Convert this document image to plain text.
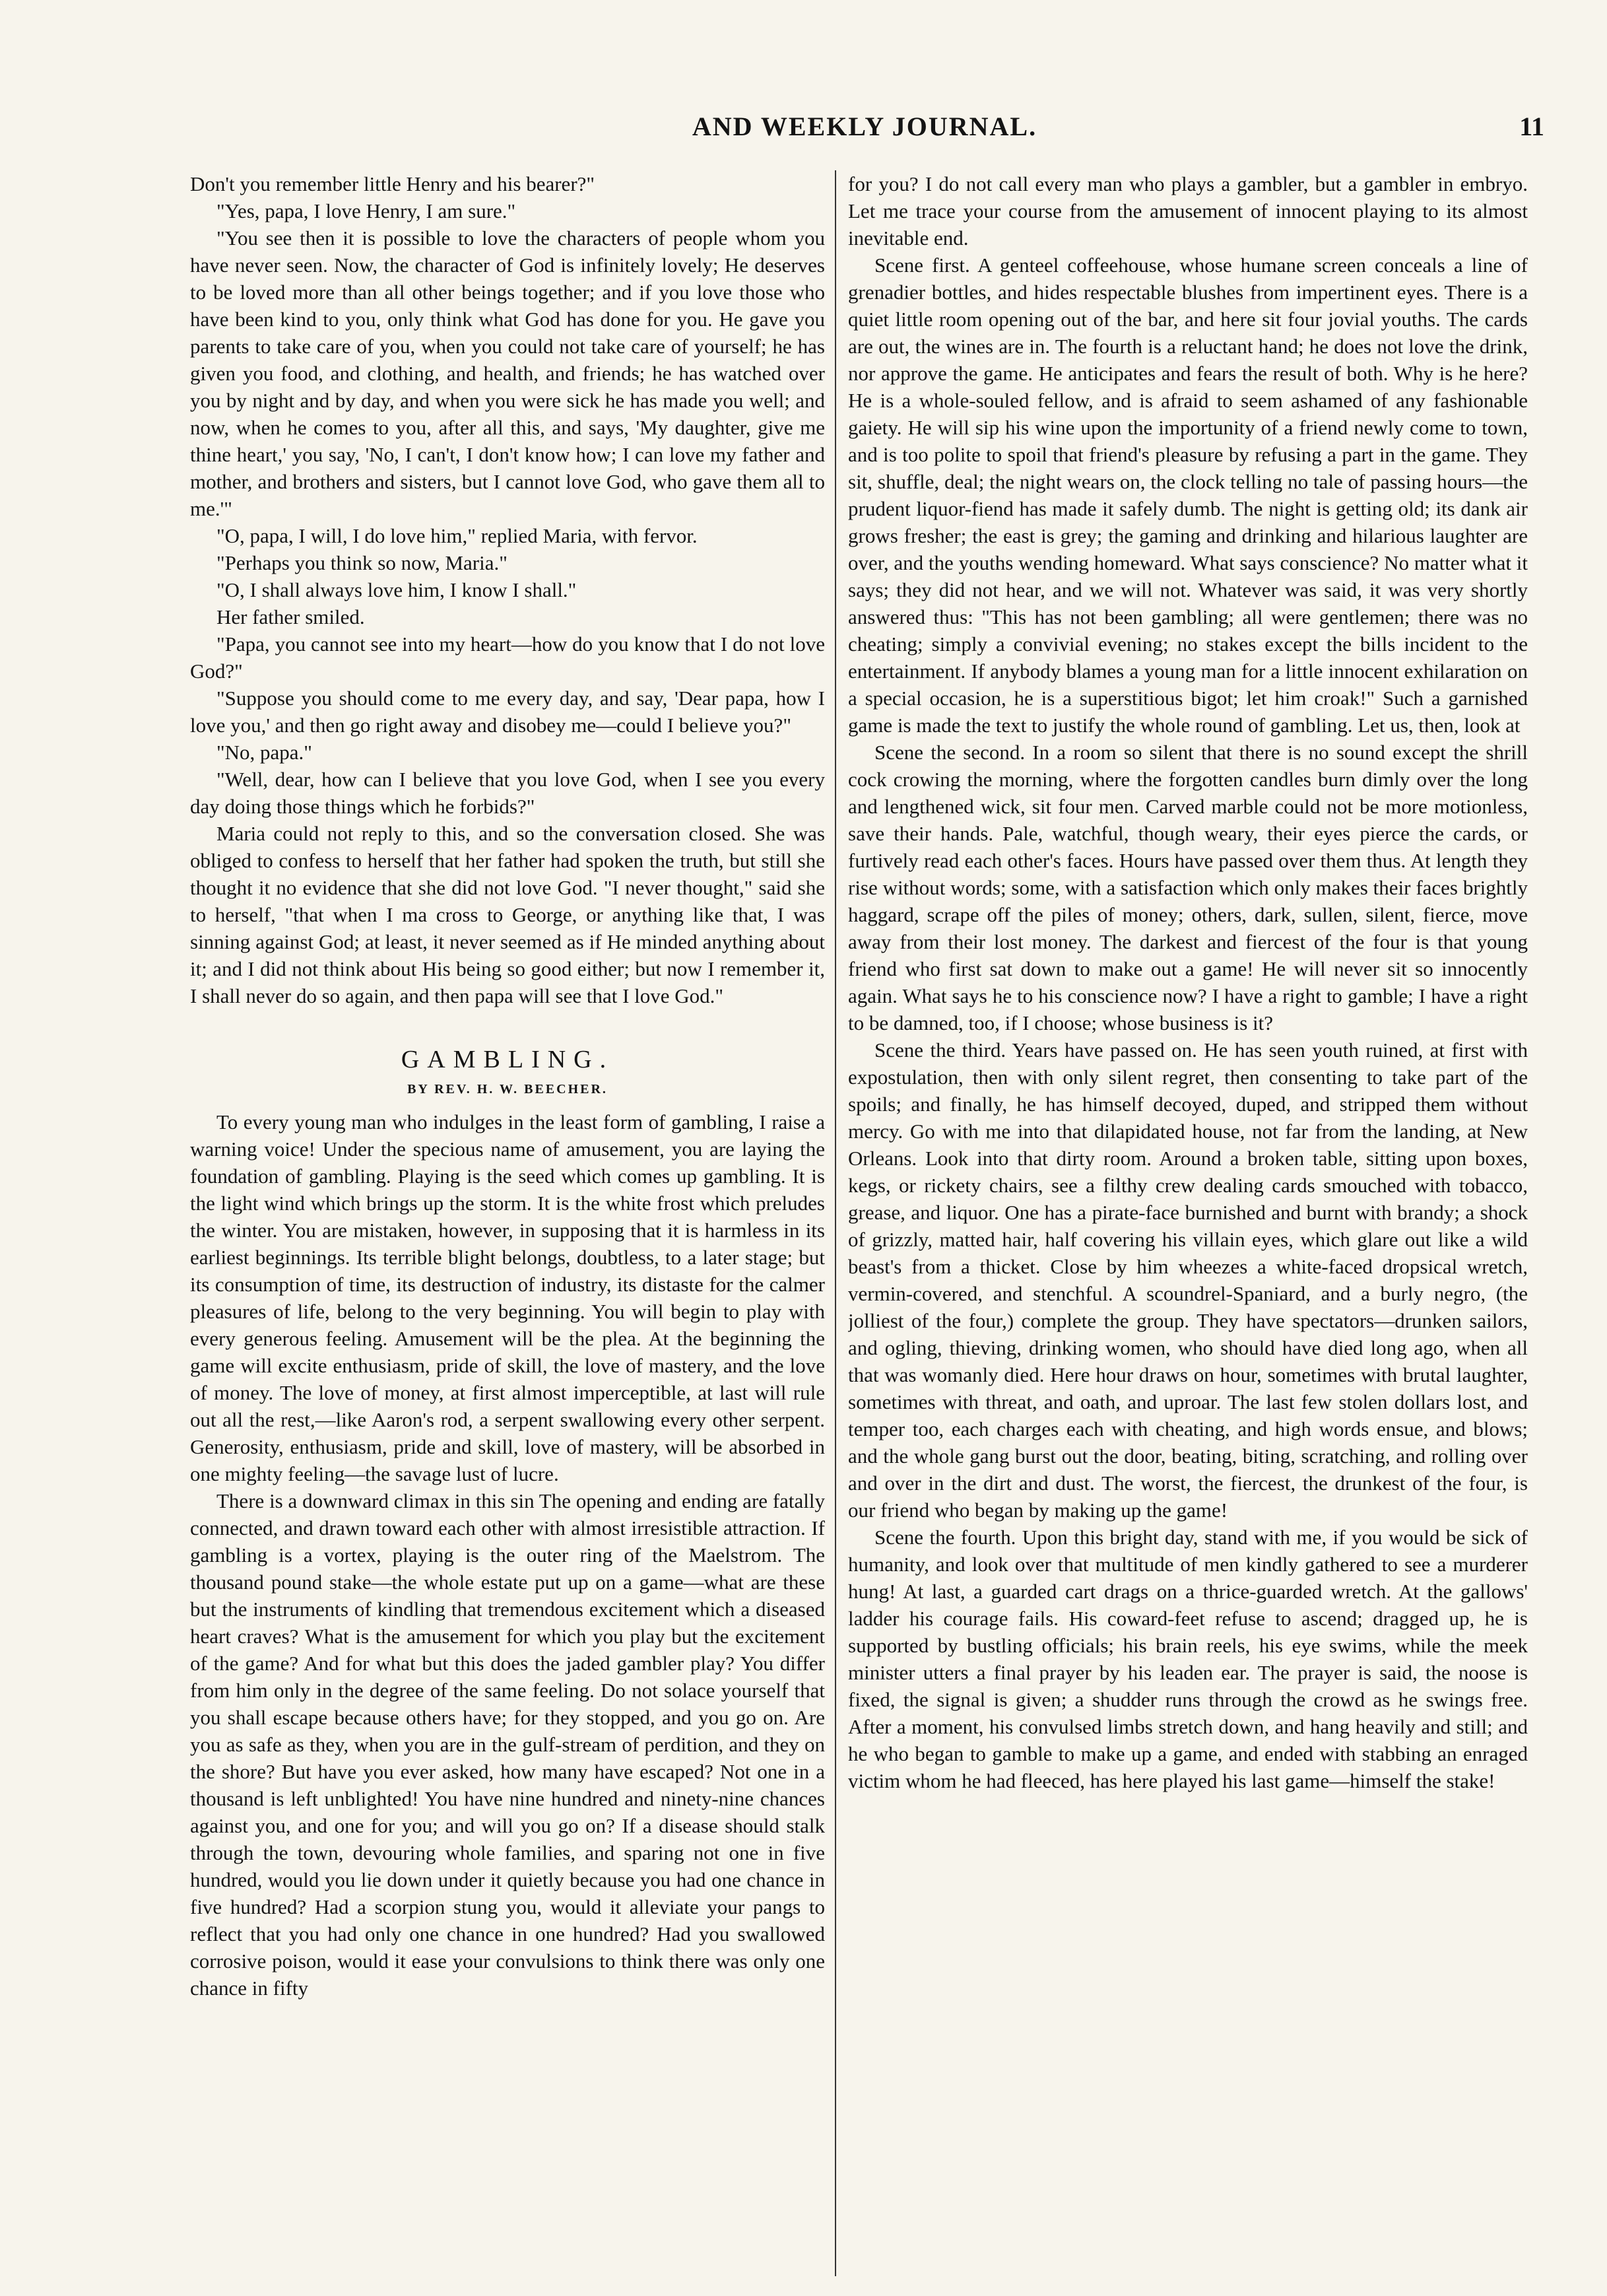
AND WEEKLY JOURNAL.	11

Don't you remember little Henry and his bearer?"

"Yes, papa, I love Henry, I am sure."

"You see then it is possible to love the characters of people whom you have never seen. Now, the character of God is infinitely lovely; He deserves to be loved more than all other beings together; and if you love those who have been kind to you, only think what God has done for you. He gave you parents to take care of you, when you could not take care of yourself; he has given you food, and clothing, and health, and friends; he has watched over you by night and by day, and when you were sick he has made you well; and now, when he comes to you, after all this, and says, 'My daughter, give me thine heart,' you say, 'No, I can't, I don't know how; I can love my father and mother, and brothers and sisters, but I cannot love God, who gave them all to me.'"

"O, papa, I will, I do love him," replied Maria, with fervor.

"Perhaps you think so now, Maria."

"O, I shall always love him, I know I shall."

Her father smiled.

"Papa, you cannot see into my heart—how do you know that I do not love God?"

"Suppose you should come to me every day, and say, 'Dear papa, how I love you,' and then go right away and disobey me—could I believe you?"

"No, papa."

"Well, dear, how can I believe that you love God, when I see you every day doing those things which he forbids?"

Maria could not reply to this, and so the conversation closed. She was obliged to confess to herself that her father had spoken the truth, but still she thought it no evidence that she did not love God. "I never thought," said she to herself, "that when I ma cross to George, or anything like that, I was sinning against God; at least, it never seemed as if He minded anything about it; and I did not think about His being so good either; but now I remember it, I shall never do so again, and then papa will see that I love God."

GAMBLING.
BY REV. H. W. BEECHER.

To every young man who indulges in the least form of gambling, I raise a warning voice! Under the specious name of amusement, you are laying the foundation of gambling. Playing is the seed which comes up gambling. It is the light wind which brings up the storm. It is the white frost which preludes the winter. You are mistaken, however, in supposing that it is harmless in its earliest beginnings. Its terrible blight belongs, doubtless, to a later stage; but its consumption of time, its destruction of industry, its distaste for the calmer pleasures of life, belong to the very beginning. You will begin to play with every generous feeling. Amusement will be the plea. At the beginning the game will excite enthusiasm, pride of skill, the love of mastery, and the love of money. The love of money, at first almost imperceptible, at last will rule out all the rest,—like Aaron's rod, a serpent swallowing every other serpent. Generosity, enthusiasm, pride and skill, love of mastery, will be absorbed in one mighty feeling—the savage lust of lucre.

There is a downward climax in this sin The opening and ending are fatally connected, and drawn toward each other with almost irresistible attraction. If gambling is a vortex, playing is the outer ring of the Maelstrom. The thousand pound stake—the whole estate put up on a game—what are these but the instruments of kindling that tremendous excitement which a diseased heart craves? What is the amusement for which you play but the excitement of the game? And for what but this does the jaded gambler play? You differ from him only in the degree of the same feeling. Do not solace yourself that you shall escape because others have; for they stopped, and you go on. Are you as safe as they, when you are in the gulf-stream of perdition, and they on the shore? But have you ever asked, how many have escaped? Not one in a thousand is left unblighted! You have nine hundred and ninety-nine chances against you, and one for you; and will you go on? If a disease should stalk through the town, devouring whole families, and sparing not one in five hundred, would you lie down under it quietly because you had one chance in five hundred? Had a scorpion stung you, would it alleviate your pangs to reflect that you had only one chance in one hundred? Had you swallowed corrosive poison, would it ease your convulsions to think there was only one chance in fifty

for you? I do not call every man who plays a gambler, but a gambler in embryo. Let me trace your course from the amusement of innocent playing to its almost inevitable end.

Scene first. A genteel coffeehouse, whose humane screen conceals a line of grenadier bottles, and hides respectable blushes from impertinent eyes. There is a quiet little room opening out of the bar, and here sit four jovial youths. The cards are out, the wines are in. The fourth is a reluctant hand; he does not love the drink, nor approve the game. He anticipates and fears the result of both. Why is he here? He is a whole-souled fellow, and is afraid to seem ashamed of any fashionable gaiety. He will sip his wine upon the importunity of a friend newly come to town, and is too polite to spoil that friend's pleasure by refusing a part in the game. They sit, shuffle, deal; the night wears on, the clock telling no tale of passing hours—the prudent liquor-fiend has made it safely dumb. The night is getting old; its dank air grows fresher; the east is grey; the gaming and drinking and hilarious laughter are over, and the youths wending homeward. What says conscience? No matter what it says; they did not hear, and we will not. Whatever was said, it was very shortly answered thus: "This has not been gambling; all were gentlemen; there was no cheating; simply a convivial evening; no stakes except the bills incident to the entertainment. If anybody blames a young man for a little innocent exhilaration on a special occasion, he is a superstitious bigot; let him croak!" Such a garnished game is made the text to justify the whole round of gambling. Let us, then, look at

Scene the second. In a room so silent that there is no sound except the shrill cock crowing the morning, where the forgotten candles burn dimly over the long and lengthened wick, sit four men. Carved marble could not be more motionless, save their hands. Pale, watchful, though weary, their eyes pierce the cards, or furtively read each other's faces. Hours have passed over them thus. At length they rise without words; some, with a satisfaction which only makes their faces brightly haggard, scrape off the piles of money; others, dark, sullen, silent, fierce, move away from their lost money. The darkest and fiercest of the four is that young friend who first sat down to make out a game! He will never sit so innocently again. What says he to his conscience now? I have a right to gamble; I have a right to be damned, too, if I choose; whose business is it?

Scene the third. Years have passed on. He has seen youth ruined, at first with expostulation, then with only silent regret, then consenting to take part of the spoils; and finally, he has himself decoyed, duped, and stripped them without mercy. Go with me into that dilapidated house, not far from the landing, at New Orleans. Look into that dirty room. Around a broken table, sitting upon boxes, kegs, or rickety chairs, see a filthy crew dealing cards smouched with tobacco, grease, and liquor. One has a pirate-face burnished and burnt with brandy; a shock of grizzly, matted hair, half covering his villain eyes, which glare out like a wild beast's from a thicket. Close by him wheezes a white-faced dropsical wretch, vermin-covered, and stenchful. A scoundrel-Spaniard, and a burly negro, (the jolliest of the four,) complete the group. They have spectators—drunken sailors, and ogling, thieving, drinking women, who should have died long ago, when all that was womanly died. Here hour draws on hour, sometimes with brutal laughter, sometimes with threat, and oath, and uproar. The last few stolen dollars lost, and temper too, each charges each with cheating, and high words ensue, and blows; and the whole gang burst out the door, beating, biting, scratching, and rolling over and over in the dirt and dust. The worst, the fiercest, the drunkest of the four, is our friend who began by making up the game!

Scene the fourth. Upon this bright day, stand with me, if you would be sick of humanity, and look over that multitude of men kindly gathered to see a murderer hung! At last, a guarded cart drags on a thrice-guarded wretch. At the gallows' ladder his courage fails. His coward-feet refuse to ascend; dragged up, he is supported by bustling officials; his brain reels, his eye swims, while the meek minister utters a final prayer by his leaden ear. The prayer is said, the noose is fixed, the signal is given; a shudder runs through the crowd as he swings free. After a moment, his convulsed limbs stretch down, and hang heavily and still; and he who began to gamble to make up a game, and ended with stabbing an enraged victim whom he had fleeced, has here played his last game—himself the stake!
